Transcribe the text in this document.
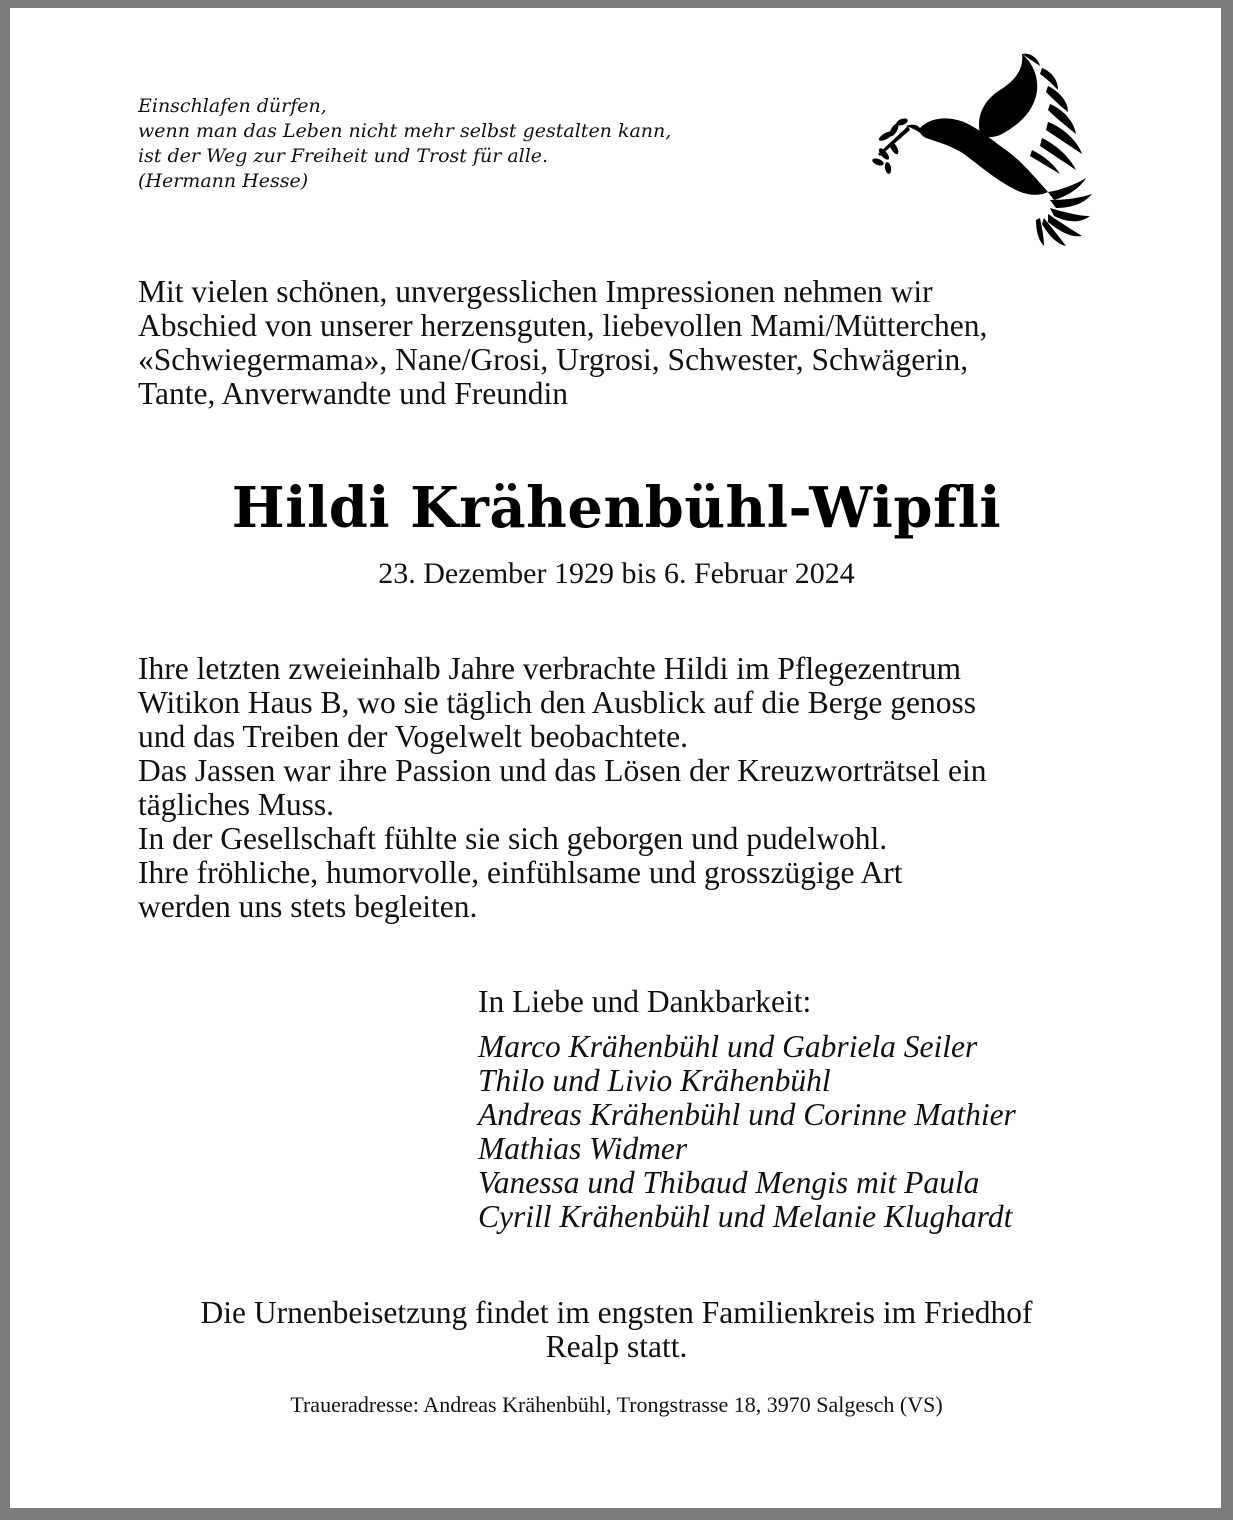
Einschlafen dürfen,
wenn man das Leben nicht mehr selbst gestalten kann,
ist der Weg zur Freiheit und Trost für alle.
(Hermann Hesse)
Mit vielen schönen, unvergesslichen Impressionen nehmen wir
Abschied von unserer herzensguten, liebevollen Mami/Mütterchen,
«Schwiegermama», Nane/Grosi, Urgrosi, Schwester, Schwägerin,
Tante, Anverwandte und Freundin
Hildi Krähenbühl-Wipfli
23. Dezember 1929 bis 6. Februar 2024
Ihre letzten zweieinhalb Jahre verbrachte Hildi im Pflegezentrum
Witikon Haus B, wo sie täglich den Ausblick auf die Berge genoss
und das Treiben der Vogelwelt beobachtete.
Das Jassen war ihre Passion und das Lösen der Kreuzworträtsel ein
tägliches Muss.
In der Gesellschaft fühlte sie sich geborgen und pudelwohl.
Ihre fröhliche, humorvolle, einfühlsame und grosszügige Art
werden uns stets begleiten.
In Liebe und Dankbarkeit:
Marco Krähenbühl und Gabriela Seiler
Thilo und Livio Krähenbühl
Andreas Krähenbühl und Corinne Mathier
Mathias Widmer
Vanessa und Thibaud Mengis mit Paula
Cyrill Krähenbühl und Melanie Klughardt
Die Urnenbeisetzung findet im engsten Familienkreis im Friedhof
Realp statt.
Traueradresse: Andreas Krähenbühl, Trongstrasse 18, 3970 Salgesch (VS)
